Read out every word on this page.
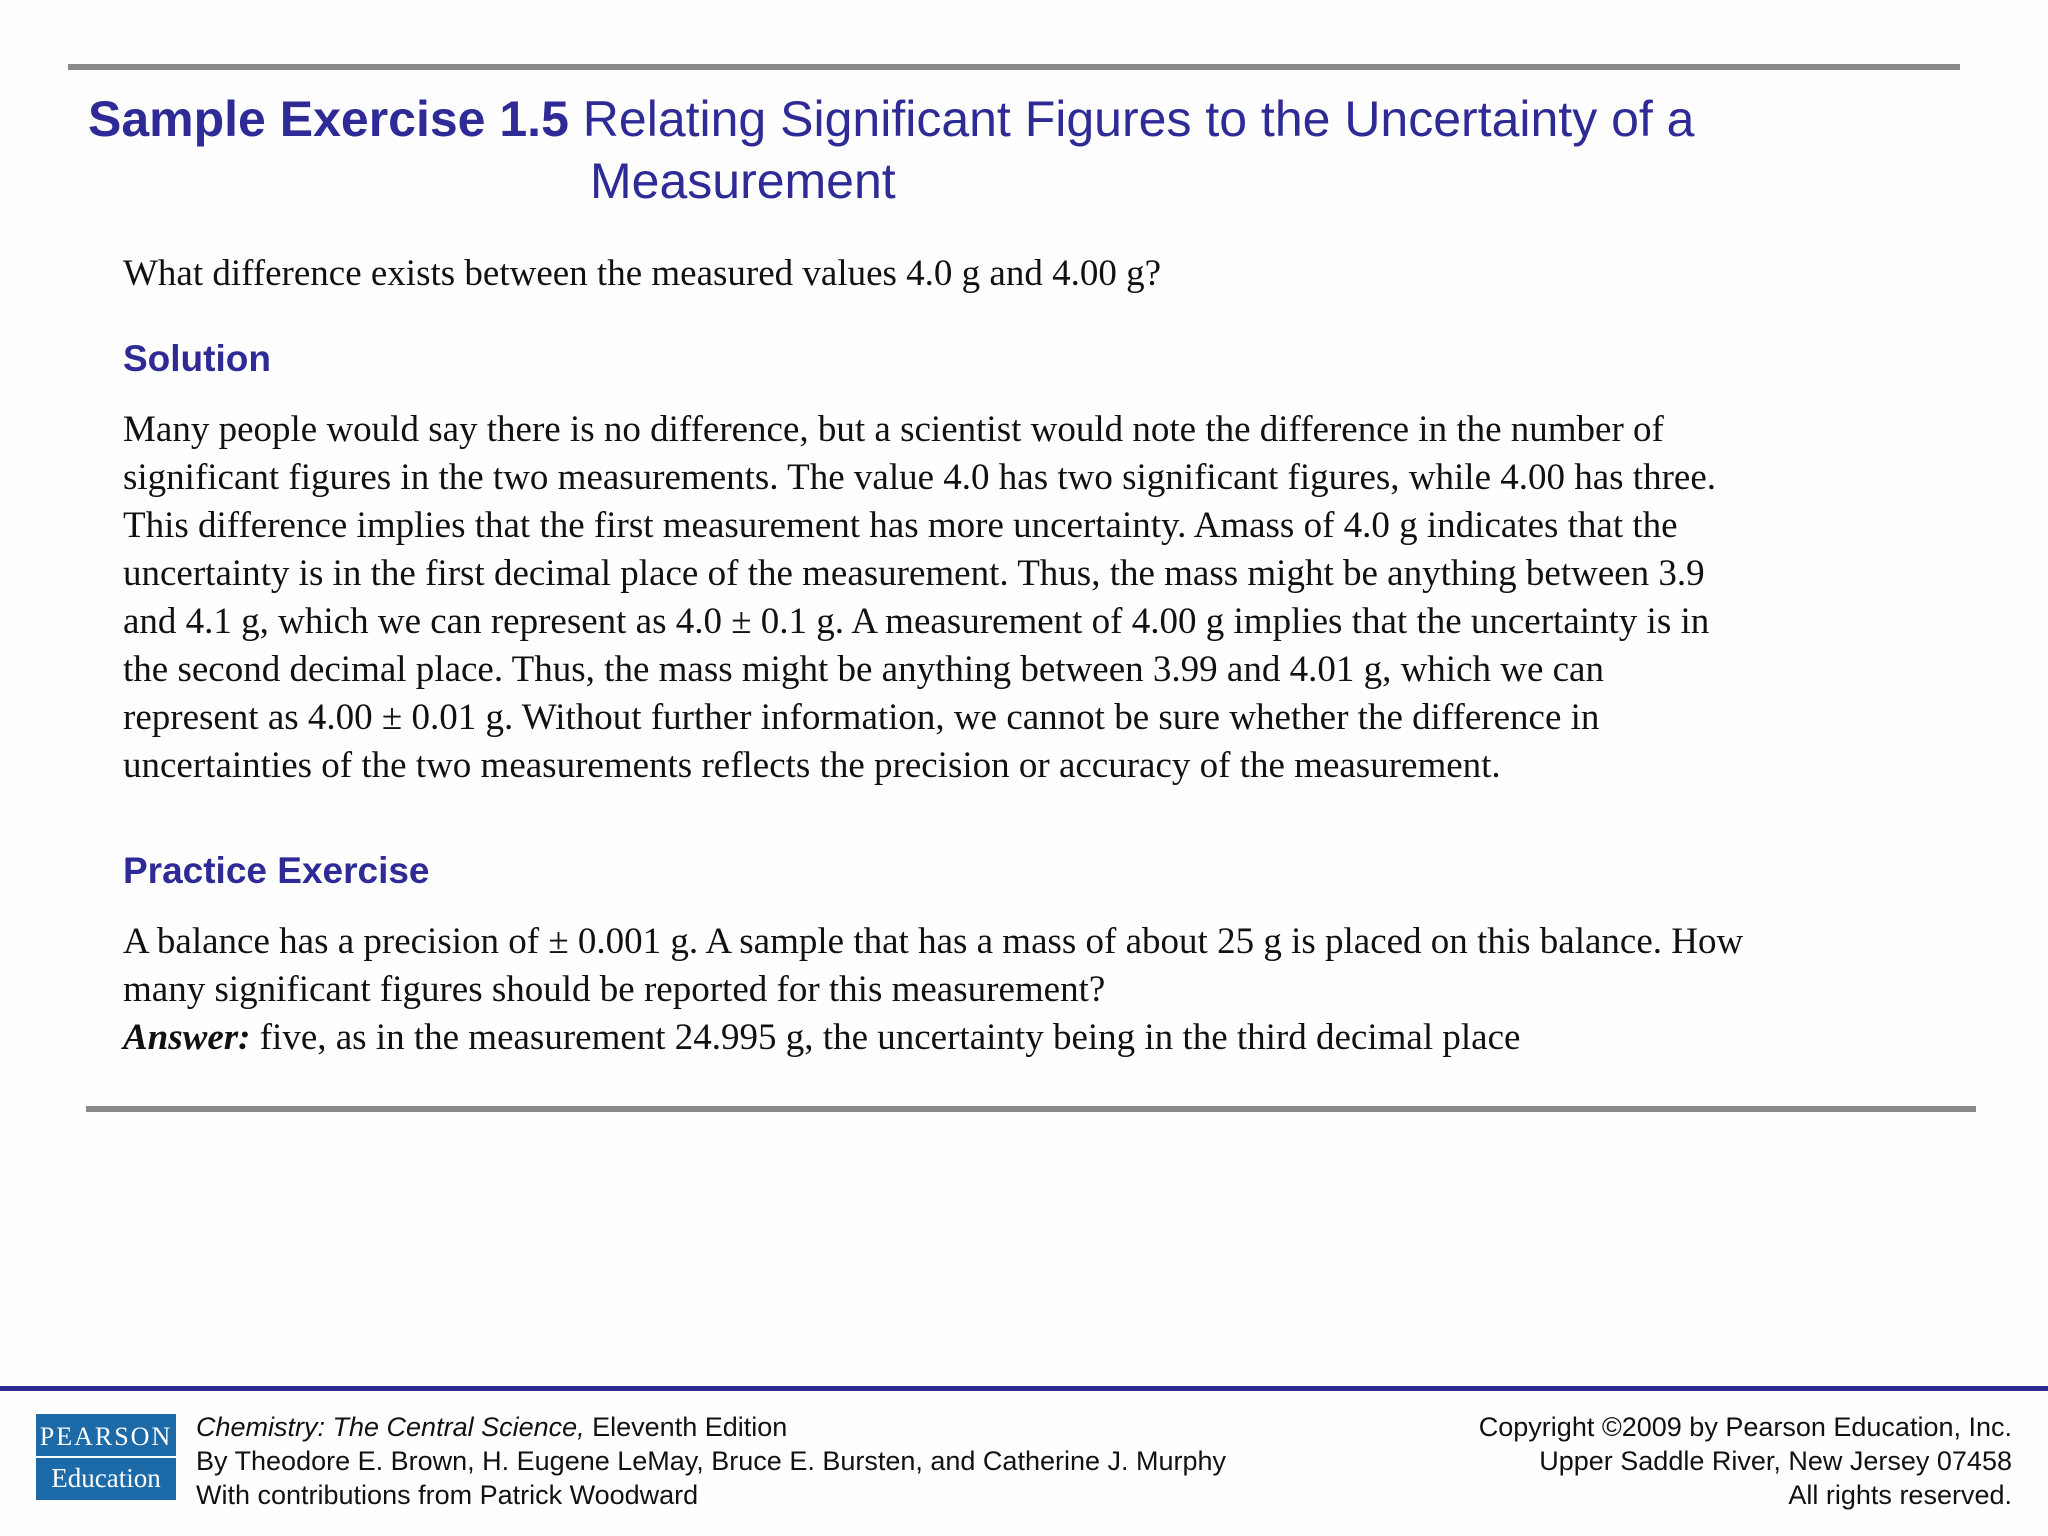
Sample Exercise 1.5 Relating Significant Figures to the Uncertainty of a
Measurement
What difference exists between the measured values 4.0 g and 4.00 g?
Solution
Many people would say there is no difference, but a scientist would note the difference in the number of
significant figures in the two measurements. The value 4.0 has two significant figures, while 4.00 has three.
This difference implies that the first measurement has more uncertainty. Amass of 4.0 g indicates that the
uncertainty is in the first decimal place of the measurement. Thus, the mass might be anything between 3.9
and 4.1 g, which we can represent as 4.0 ± 0.1 g. A measurement of 4.00 g implies that the uncertainty is in
the second decimal place. Thus, the mass might be anything between 3.99 and 4.01 g, which we can
represent as 4.00 ± 0.01 g. Without further information, we cannot be sure whether the difference in
uncertainties of the two measurements reflects the precision or accuracy of the measurement.
Practice Exercise
A balance has a precision of ± 0.001 g. A sample that has a mass of about 25 g is placed on this balance. How
many significant figures should be reported for this measurement?
Answer: five, as in the measurement 24.995 g, the uncertainty being in the third decimal place
PEARSON
Education
Chemistry: The Central Science, Eleventh Edition
By Theodore E. Brown, H. Eugene LeMay, Bruce E. Bursten, and Catherine J. Murphy
With contributions from Patrick Woodward
Copyright ©2009 by Pearson Education, Inc.
Upper Saddle River, New Jersey 07458
All rights reserved.
